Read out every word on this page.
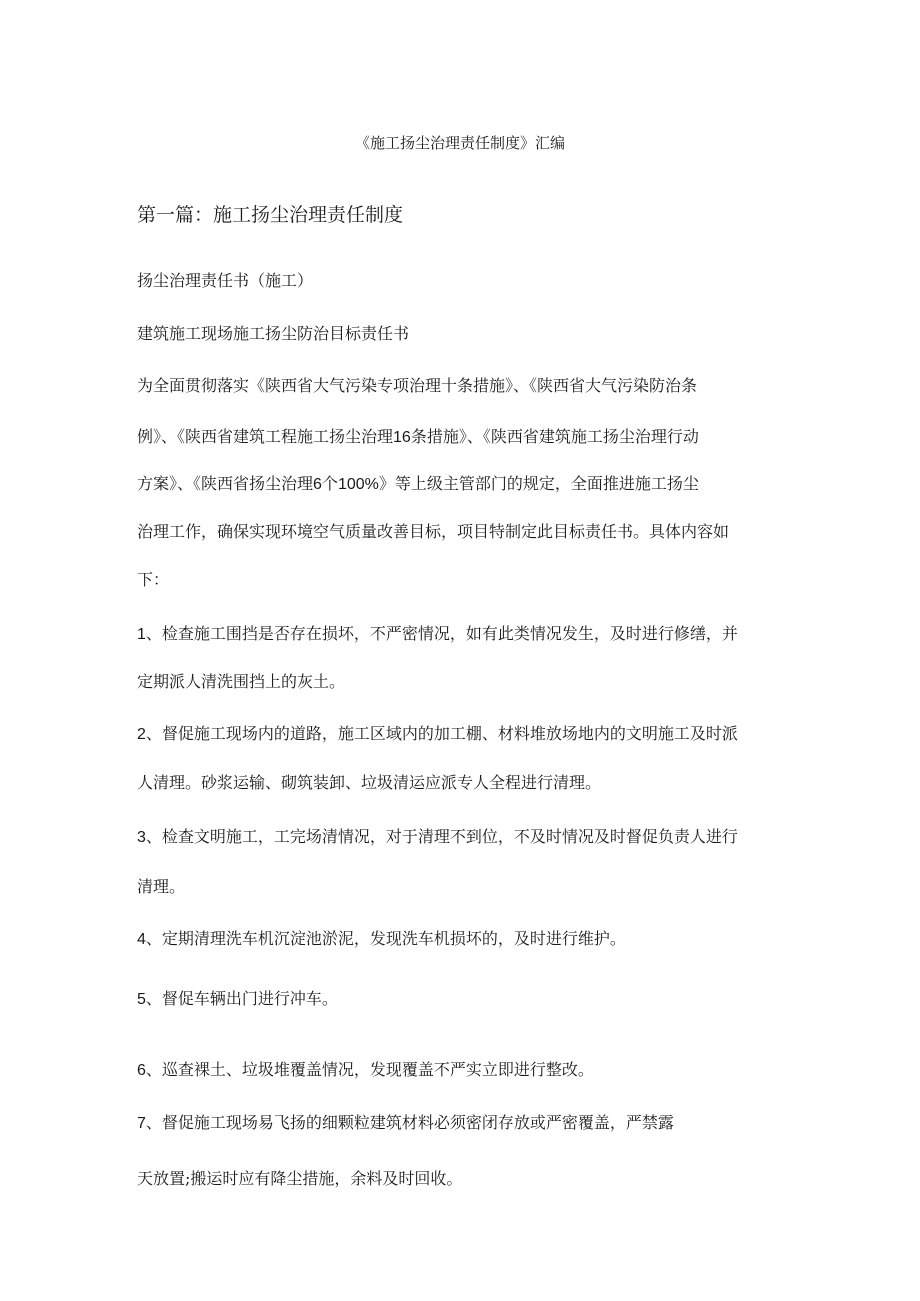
《施工扬尘治理责任制度》汇编
第一篇：施工扬尘治理责任制度
扬尘治理责任书（施工）
建筑施工现场施工扬尘防治目标责任书
为全面贯彻落实《陕西省大气污染专项治理十条措施》、《陕西省大气污染防治条
例》、《陕西省建筑工程施工扬尘治理16条措施》、《陕西省建筑施工扬尘治理行动
方案》、《陕西省扬尘治理6个100%》等上级主管部门的规定，全面推进施工扬尘
治理工作，确保实现环境空气质量改善目标，项目特制定此目标责任书。具体内容如
下：
1、检查施工围挡是否存在损坏，不严密情况，如有此类情况发生，及时进行修缮，并
定期派人清洗围挡上的灰土。
2、督促施工现场内的道路，施工区域内的加工棚、材料堆放场地内的文明施工及时派
人清理。砂浆运输、砌筑装卸、垃圾清运应派专人全程进行清理。
3、检查文明施工，工完场清情况，对于清理不到位，不及时情况及时督促负责人进行
清理。
4、定期清理洗车机沉淀池淤泥，发现洗车机损坏的，及时进行维护。
5、督促车辆出门进行冲车。
6、巡查裸土、垃圾堆覆盖情况，发现覆盖不严实立即进行整改。
7、督促施工现场易飞扬的细颗粒建筑材料必须密闭存放或严密覆盖，严禁露
天放置;搬运时应有降尘措施，余料及时回收。
